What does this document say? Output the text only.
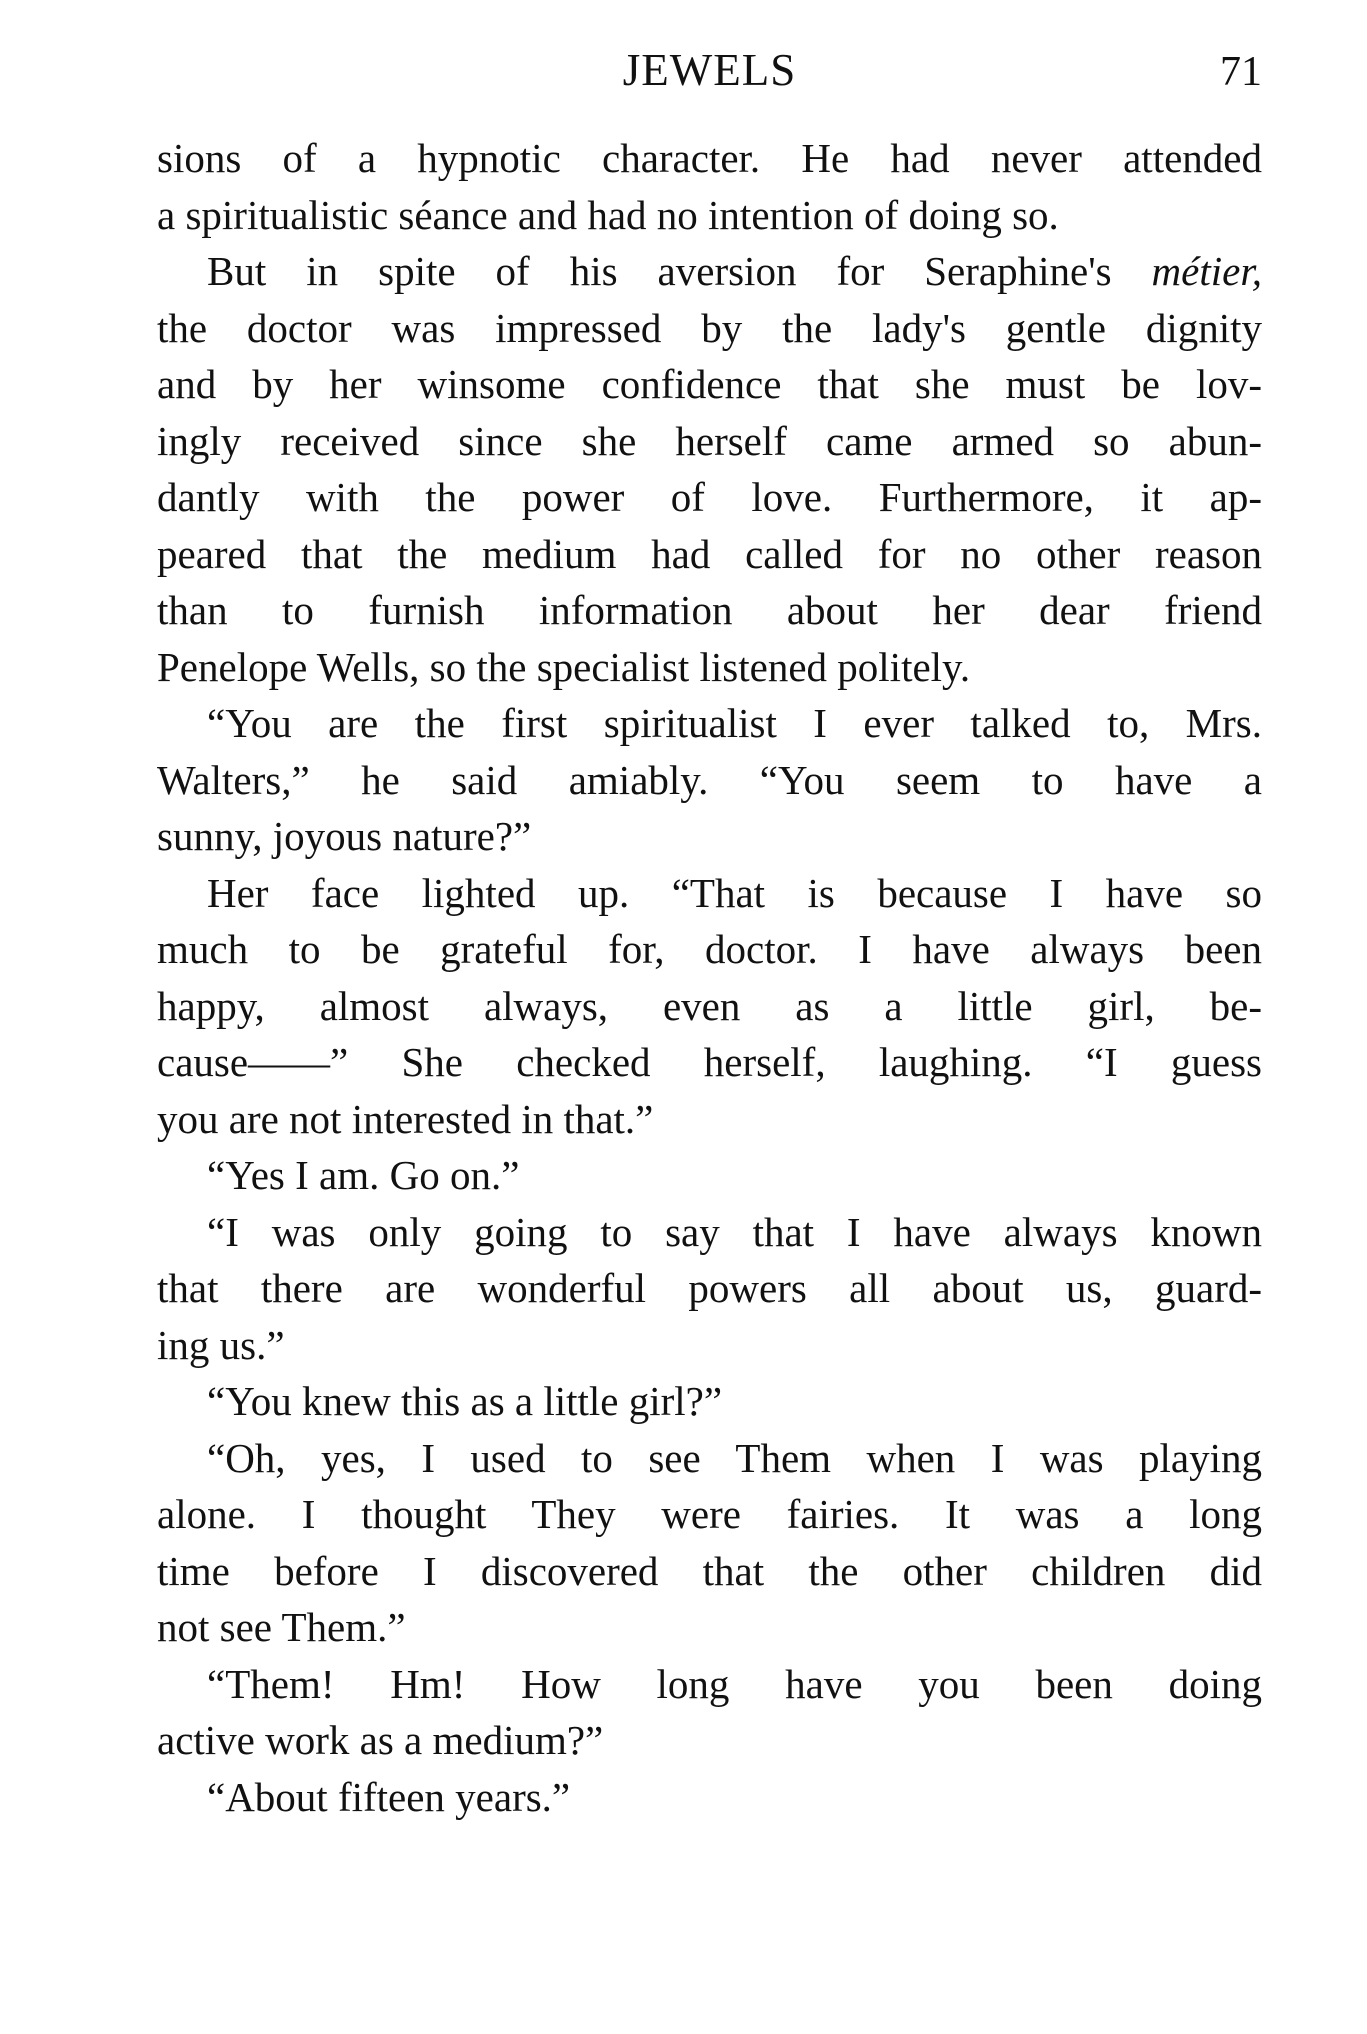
JEWELS	71
sions of a hypnotic character. He had never attended
a spiritualistic séance and had no intention of doing so.
But in spite of his aversion for Seraphine's métier,
the doctor was impressed by the lady's gentle dignity
and by her winsome confidence that she must be lov-
ingly received since she herself came armed so abun-
dantly with the power of love. Furthermore, it ap-
peared that the medium had called for no other reason
than to furnish information about her dear friend
Penelope Wells, so the specialist listened politely.
“You are the first spiritualist I ever talked to, Mrs.
Walters,” he said amiably. “You seem to have a
sunny, joyous nature?”
Her face lighted up. “That is because I have so
much to be grateful for, doctor. I have always been
happy, almost always, even as a little girl, be-
cause——” She checked herself, laughing. “I guess
you are not interested in that.”
“Yes I am. Go on.”
“I was only going to say that I have always known
that there are wonderful powers all about us, guard-
ing us.”
“You knew this as a little girl?”
“Oh, yes, I used to see Them when I was playing
alone. I thought They were fairies. It was a long
time before I discovered that the other children did
not see Them.”
“Them! Hm! How long have you been doing
active work as a medium?”
“About fifteen years.”
